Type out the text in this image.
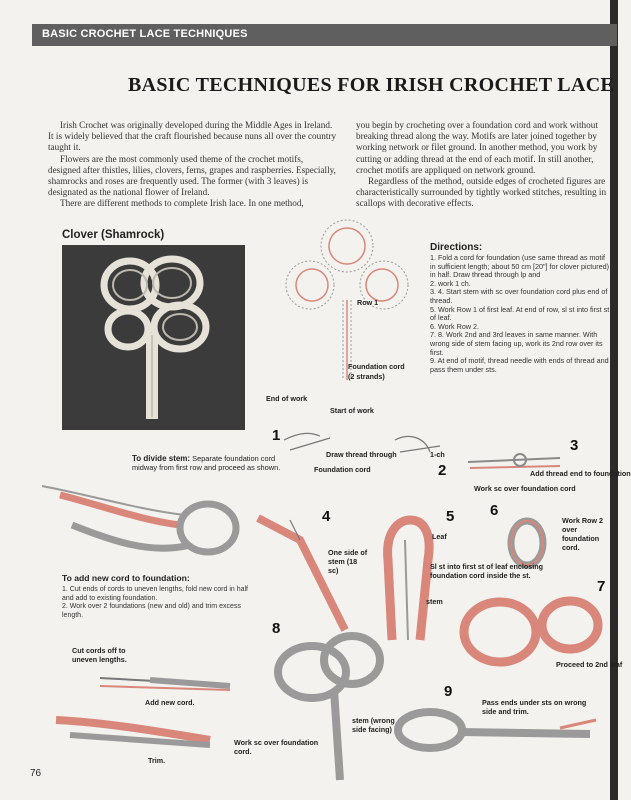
BASIC CROCHET LACE TECHNIQUES
BASIC TECHNIQUES FOR IRISH CROCHET LACE

Irish Crochet was originally developed during the Middle Ages in Ireland. It is widely believed that the craft flourished because nuns all over the country taught it.

Flowers are the most commonly used theme of the crochet motifs, designed after thistles, lilies, clovers, ferns, grapes and raspberries. Especially, shamrocks and roses are frequently used. The former (with 3 leaves) is designated as the national flower of Ireland.

There are different methods to complete Irish lace. In one method,

you begin by crocheting over a foundation cord and work without breaking thread along the way. Motifs are later joined together by working network or filet ground. In another method, you work by cutting or adding thread at the end of each motif. In still another, crochet motifs are appliqued on network ground.

Regardless of the method, outside edges of crocheted figures are characteristically surrounded by tightly worked stitches, resulting in scallops with decorative effects.

Clover (Shamrock)
Directions:
1. Fold a cord for foundation (use same thread as motif in sufficient length; about 50 cm [20"] for clover pictured) in half. Draw thread through lp and
2. work 1 ch.
3. 4. Start stem with sc over foundation cord plus end of thread.
5. Work Row 1 of first leaf. At end of row, sl st into first st of leaf.
6. Work Row 2.
7. 8. Work 2nd and 3rd leaves in same manner. With wrong side of stem facing up, work its 2nd row over its first.
9. At end of motif, thread needle with ends of thread and pass them under sts.
Row 1
Foundation cord
(2 strands)
End of work
Start of work
Draw thread through
Foundation cord
1-ch
Add thread end to foundation
Work sc over foundation cord
One side of stem (18 sc)
Leaf
Sl st into first st of leaf enclosing foundation cord inside the st.
stem
Work Row 2 over foundation cord.
Proceed to 2nd leaf
stem (wrong side facing)
Work sc over foundation cord.
Pass ends under sts on wrong side and trim.
Cut cords off to uneven lengths.
Add new cord.
Trim.
1
2
3
4	5 6
7
8
9
To divide stem: Separate foundation cord midway from first row and proceed as shown.
To add new cord to foundation:
1. Cut ends of cords to uneven lengths, fold new cord in half and add to existing foundation.
2. Work over 2 foundations (new and old) and trim excess length.
76
